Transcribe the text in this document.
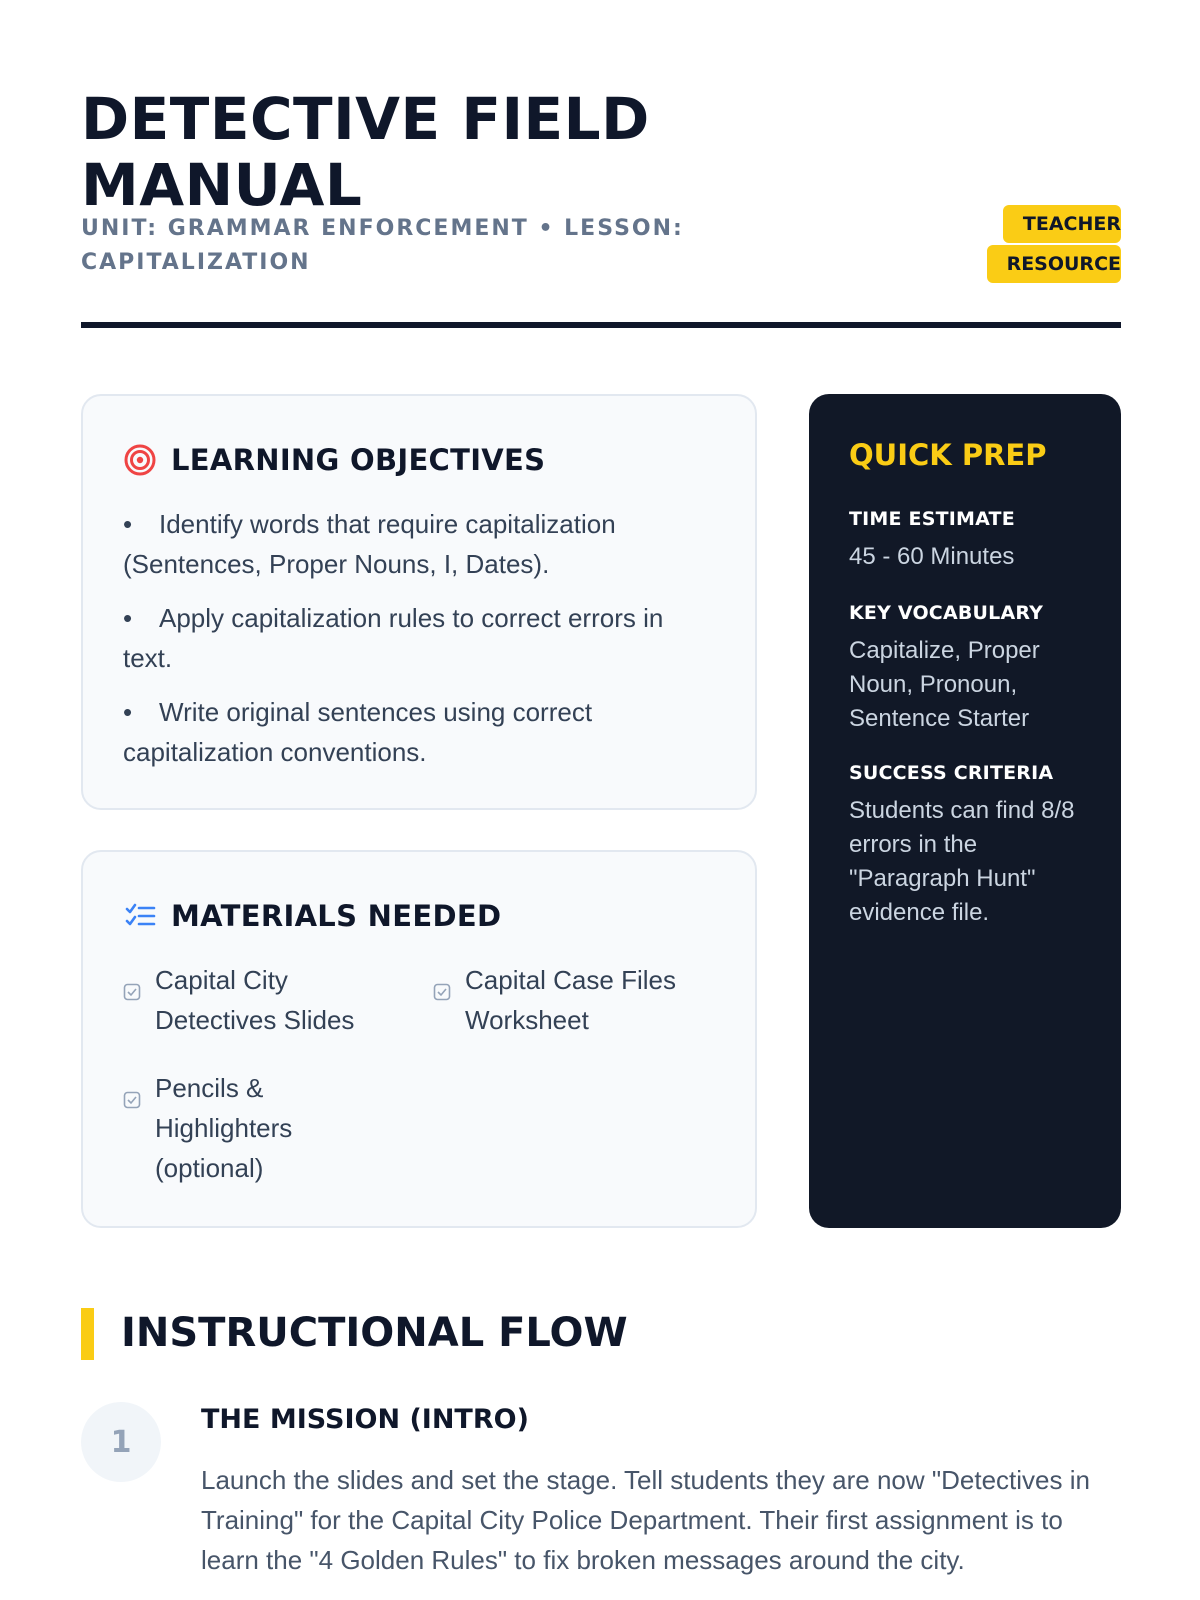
DETECTIVE FIELD MANUAL

UNIT: GRAMMAR ENFORCEMENT • LESSON: CAPITALIZATION

TEACHER RESOURCE
LEARNING OBJECTIVES
• Identify words that require capitalization (Sentences, Proper Nouns, I, Dates).
• Apply capitalization rules to correct errors in text.
• Write original sentences using correct capitalization conventions.
MATERIALS NEEDED
Capital City Detectives Slides
Capital Case Files Worksheet
Pencils & Highlighters (optional)
QUICK PREP
TIME ESTIMATE
45 - 60 Minutes
KEY VOCABULARY
Capitalize, Proper Noun, Pronoun, Sentence Starter
SUCCESS CRITERIA
Students can find 8/8 errors in the "Paragraph Hunt" evidence file.
INSTRUCTIONAL FLOW
1
THE MISSION (INTRO)

Launch the slides and set the stage. Tell students they are now "Detectives in Training" for the Capital City Police Department. Their first assignment is to learn the "4 Golden Rules" to fix broken messages around the city.
